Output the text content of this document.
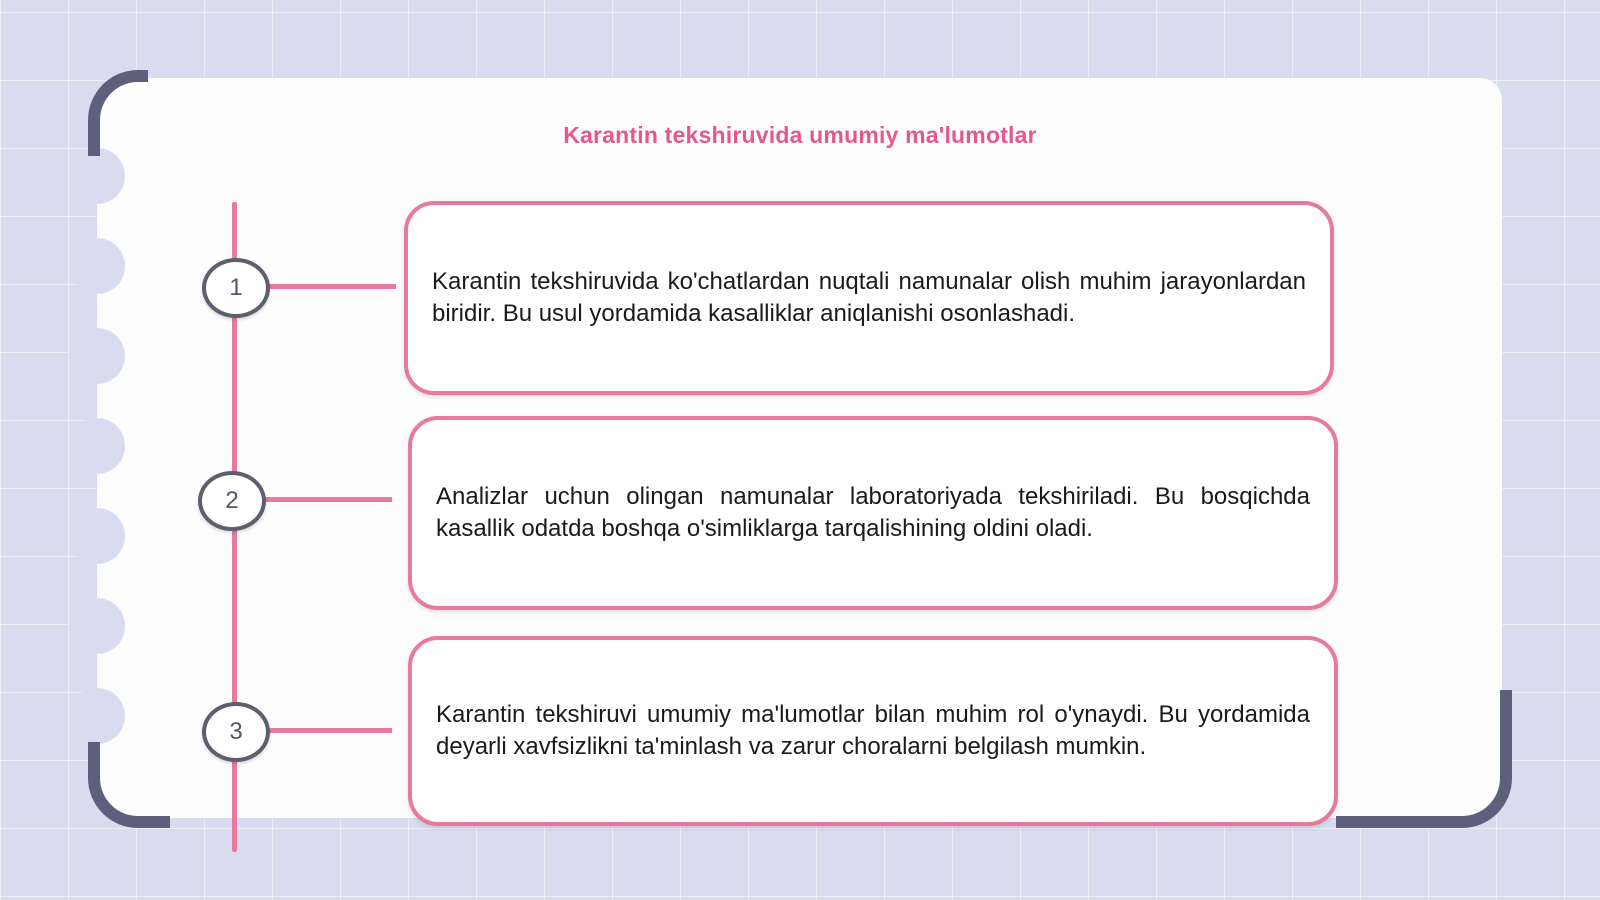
Karantin tekshiruvida umumiy ma'lumotlar
1
2
3

Karantin tekshiruvida ko'chatlardan nuqtali namunalar olish muhim jarayonlardan biridir. Bu usul yordamida kasalliklar aniqlanishi osonlashadi.

Analizlar uchun olingan namunalar laboratoriyada tekshiriladi. Bu bosqichda kasallik odatda boshqa o'simliklarga tarqalishining oldini oladi.

Karantin tekshiruvi umumiy ma'lumotlar bilan muhim rol o'ynaydi. Bu yordamida deyarli xavfsizlikni ta'minlash va zarur choralarni belgilash mumkin.
